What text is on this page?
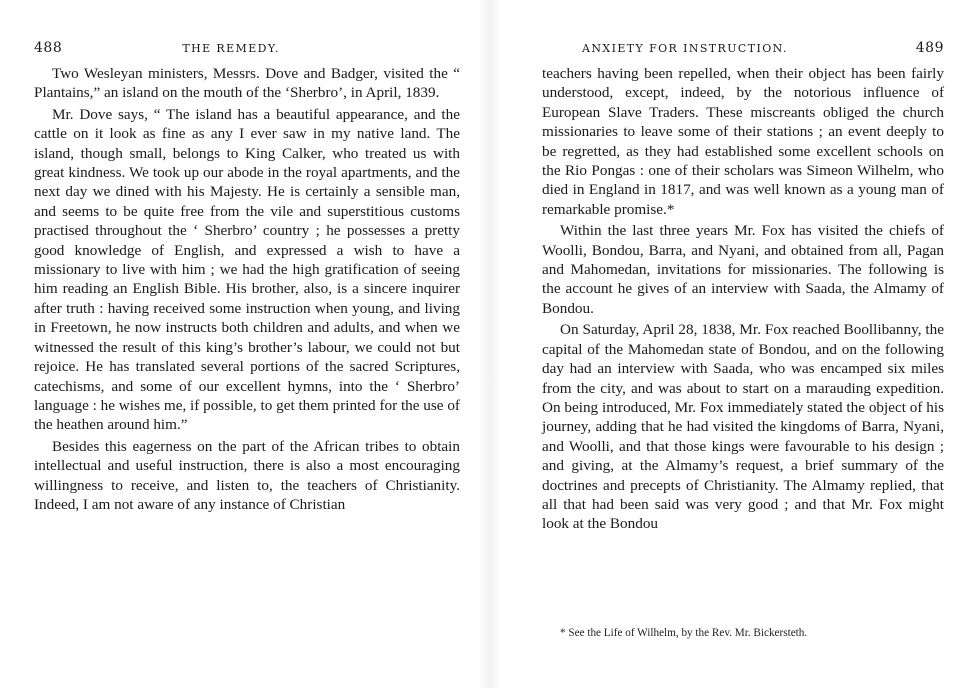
488	THE REMEDY.

Two Wesleyan ministers, Messrs. Dove and Badger, visited the “ Plantains,” an island on the mouth of the ‘Sherbro’, in April, 1839.

Mr. Dove says, “ The island has a beautiful appearance, and the cattle on it look as fine as any I ever saw in my native land. The island, though small, belongs to King Calker, who treated us with great kindness. We took up our abode in the royal apartments, and the next day we dined with his Majesty. He is certainly a sensible man, and seems to be quite free from the vile and superstitious customs practised throughout the ‘ Sherbro’ country ; he possesses a pretty good knowledge of English, and expressed a wish to have a missionary to live with him ; we had the high gratification of seeing him reading an English Bible. His brother, also, is a sincere inquirer after truth : having received some instruction when young, and living in Freetown, he now instructs both children and adults, and when we witnessed the result of this king’s brother’s labour, we could not but rejoice. He has translated several portions of the sacred Scriptures, catechisms, and some of our excellent hymns, into the ‘ Sherbro’ language : he wishes me, if possible, to get them printed for the use of the heathen around him.”

Besides this eagerness on the part of the African tribes to obtain intellectual and useful instruction, there is also a most encouraging willingness to receive, and listen to, the teachers of Christianity. Indeed, I am not aware of any instance of Christian

ANXIETY FOR INSTRUCTION.	489

teachers having been repelled, when their object has been fairly understood, except, indeed, by the notorious influence of European Slave Traders. These miscreants obliged the church missionaries to leave some of their stations ; an event deeply to be regretted, as they had established some excellent schools on the Rio Pongas : one of their scholars was Simeon Wilhelm, who died in England in 1817, and was well known as a young man of remarkable promise.*

Within the last three years Mr. Fox has visited the chiefs of Woolli, Bondou, Barra, and Nyani, and obtained from all, Pagan and Mahomedan, invitations for missionaries. The following is the account he gives of an interview with Saada, the Almamy of Bondou.

On Saturday, April 28, 1838, Mr. Fox reached Boollibanny, the capital of the Mahomedan state of Bondou, and on the following day had an interview with Saada, who was encamped six miles from the city, and was about to start on a marauding expedition. On being introduced, Mr. Fox immediately stated the object of his journey, adding that he had visited the kingdoms of Barra, Nyani, and Woolli, and that those kings were favourable to his design ; and giving, at the Almamy’s request, a brief summary of the doctrines and precepts of Christianity. The Almamy replied, that all that had been said was very good ; and that Mr. Fox might look at the Bondou

* See the Life of Wilhelm, by the Rev. Mr. Bickersteth.
